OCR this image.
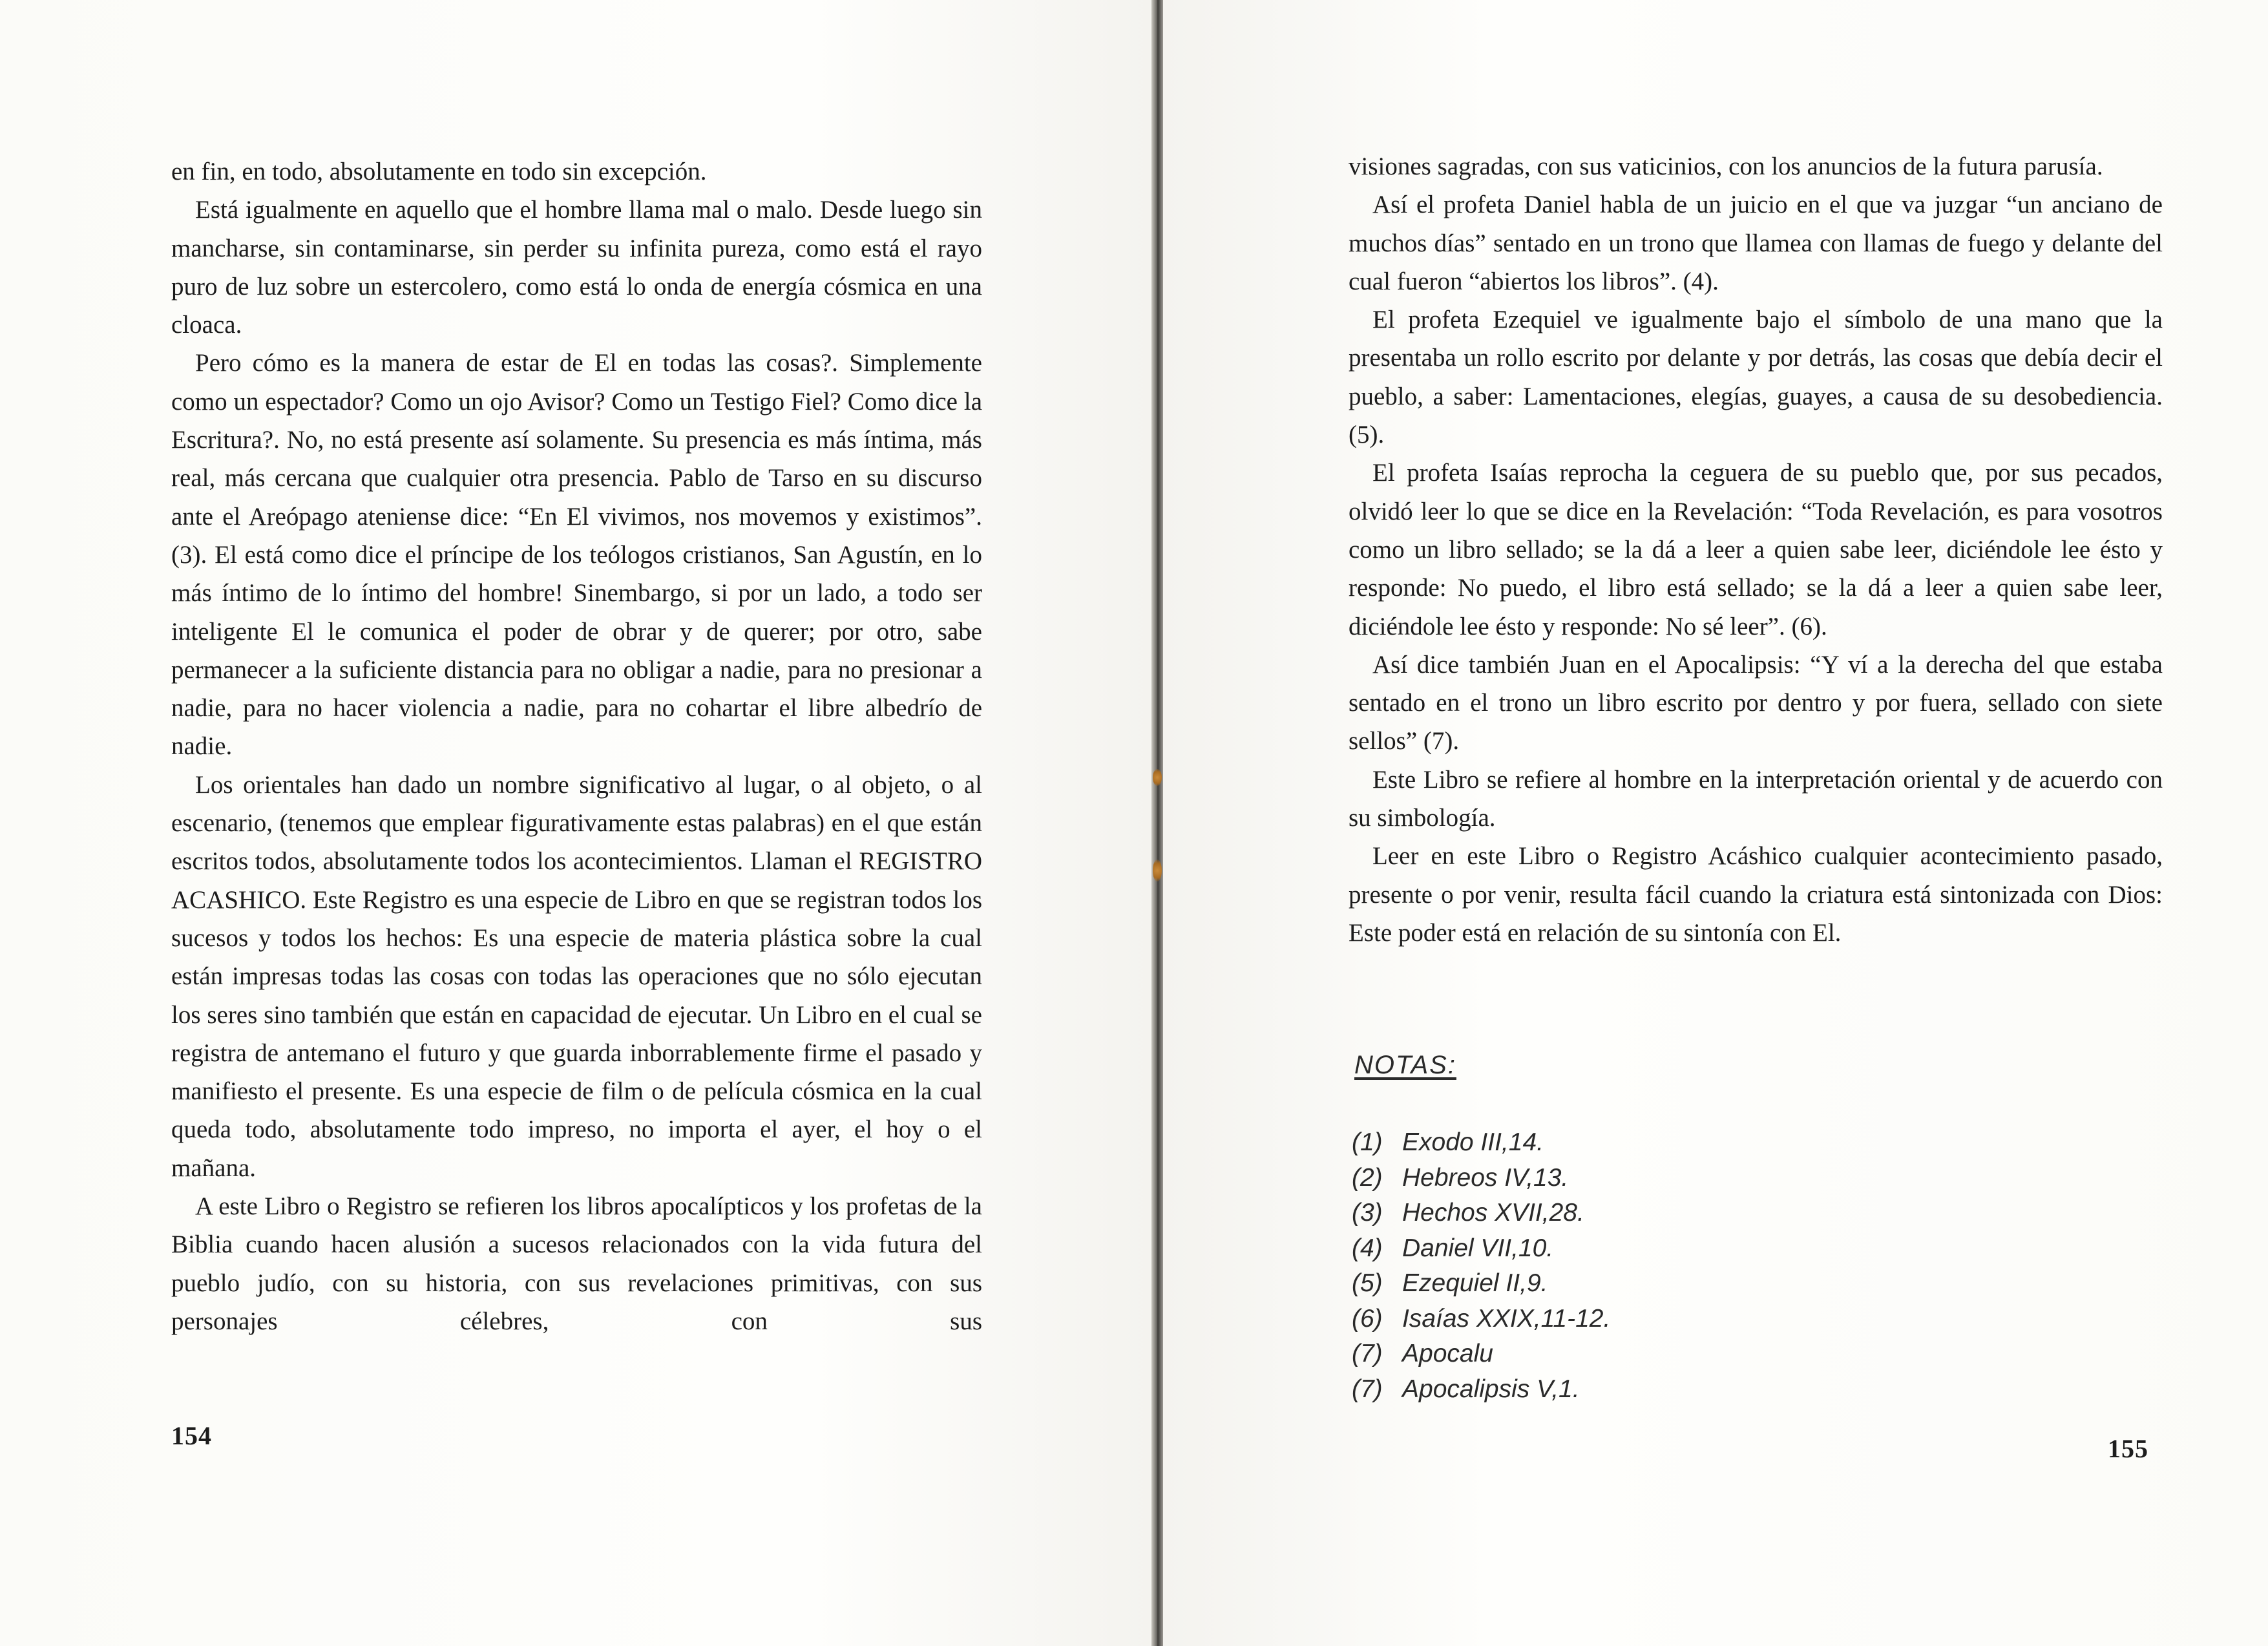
en fin, en todo, absolutamente en todo sin excepción.

Está igualmente en aquello que el hombre llama mal o malo. Desde luego sin mancharse, sin contaminarse, sin perder su infinita pureza, como está el rayo puro de luz sobre un estercolero, como está lo onda de energía cósmica en una cloaca.

Pero cómo es la manera de estar de El en todas las cosas?. Simplemente como un espectador? Como un ojo Avisor? Como un Testigo Fiel? Como dice la Escritura?. No, no está presente así solamente. Su presencia es más íntima, más real, más cercana que cualquier otra presencia. Pablo de Tarso en su discurso ante el Areópago ateniense dice: “En El vivimos, nos movemos y existimos”. (3). El está como dice el príncipe de los teólogos cristianos, San Agustín, en lo más íntimo de lo íntimo del hombre! Sinembargo, si por un lado, a todo ser inteligente El le comunica el poder de obrar y de querer; por otro, sabe permanecer a la suficiente distancia para no obligar a nadie, para no presionar a nadie, para no hacer violencia a nadie, para no cohartar el libre albedrío de nadie.

Los orientales han dado un nombre significativo al lugar, o al objeto, o al escenario, (tenemos que emplear figurativamente estas palabras) en el que están escritos todos, absolutamente todos los acontecimientos. Llaman el REGISTRO ACASHICO. Este Registro es una especie de Libro en que se registran todos los sucesos y todos los hechos: Es una especie de materia plástica sobre la cual están impresas todas las cosas con todas las operaciones que no sólo ejecutan los seres sino también que están en capacidad de ejecutar. Un Libro en el cual se registra de antemano el futuro y que guarda inborrablemente firme el pasado y manifiesto el presente. Es una especie de film o de película cósmica en la cual queda todo, absolutamente todo impreso, no importa el ayer, el hoy o el mañana.

A este Libro o Registro se refieren los libros apocalípticos y los profetas de la Biblia cuando hacen alusión a sucesos relacionados con la vida futura del pueblo judío, con su historia, con sus revelaciones primitivas, con sus personajes célebres, con sus

154

visiones sagradas, con sus vaticinios, con los anuncios de la futura parusía.

Así el profeta Daniel habla de un juicio en el que va juzgar “un anciano de muchos días” sentado en un trono que llamea con llamas de fuego y delante del cual fueron “abiertos los libros”. (4).

El profeta Ezequiel ve igualmente bajo el símbolo de una mano que la presentaba un rollo escrito por delante y por detrás, las cosas que debía decir el pueblo, a saber: Lamentaciones, elegías, guayes, a causa de su desobediencia. (5).

El profeta Isaías reprocha la ceguera de su pueblo que, por sus pecados, olvidó leer lo que se dice en la Revelación: “Toda Revelación, es para vosotros como un libro sellado; se la dá a leer a quien sabe leer, diciéndole lee ésto y responde: No puedo, el libro está sellado; se la dá a leer a quien sabe leer, diciéndole lee ésto y responde: No sé leer”. (6).

Así dice también Juan en el Apocalipsis: “Y ví a la derecha del que estaba sentado en el trono un libro escrito por dentro y por fuera, sellado con siete sellos” (7).

Este Libro se refiere al hombre en la interpretación oriental y de acuerdo con su simbología.

Leer en este Libro o Registro Acáshico cualquier acontecimiento pasado, presente o por venir, resulta fácil cuando la criatura está sintonizada con Dios: Este poder está en relación de su sintonía con El.

NOTAS:
(1) Exodo III,14.
(2) Hebreos IV,13.
(3) Hechos XVII,28.
(4) Daniel VII,10.
(5) Ezequiel II,9.
(6) Isaías XXIX,11-12.
(7) Apocalu
(7) Apocalipsis V,1.
155
